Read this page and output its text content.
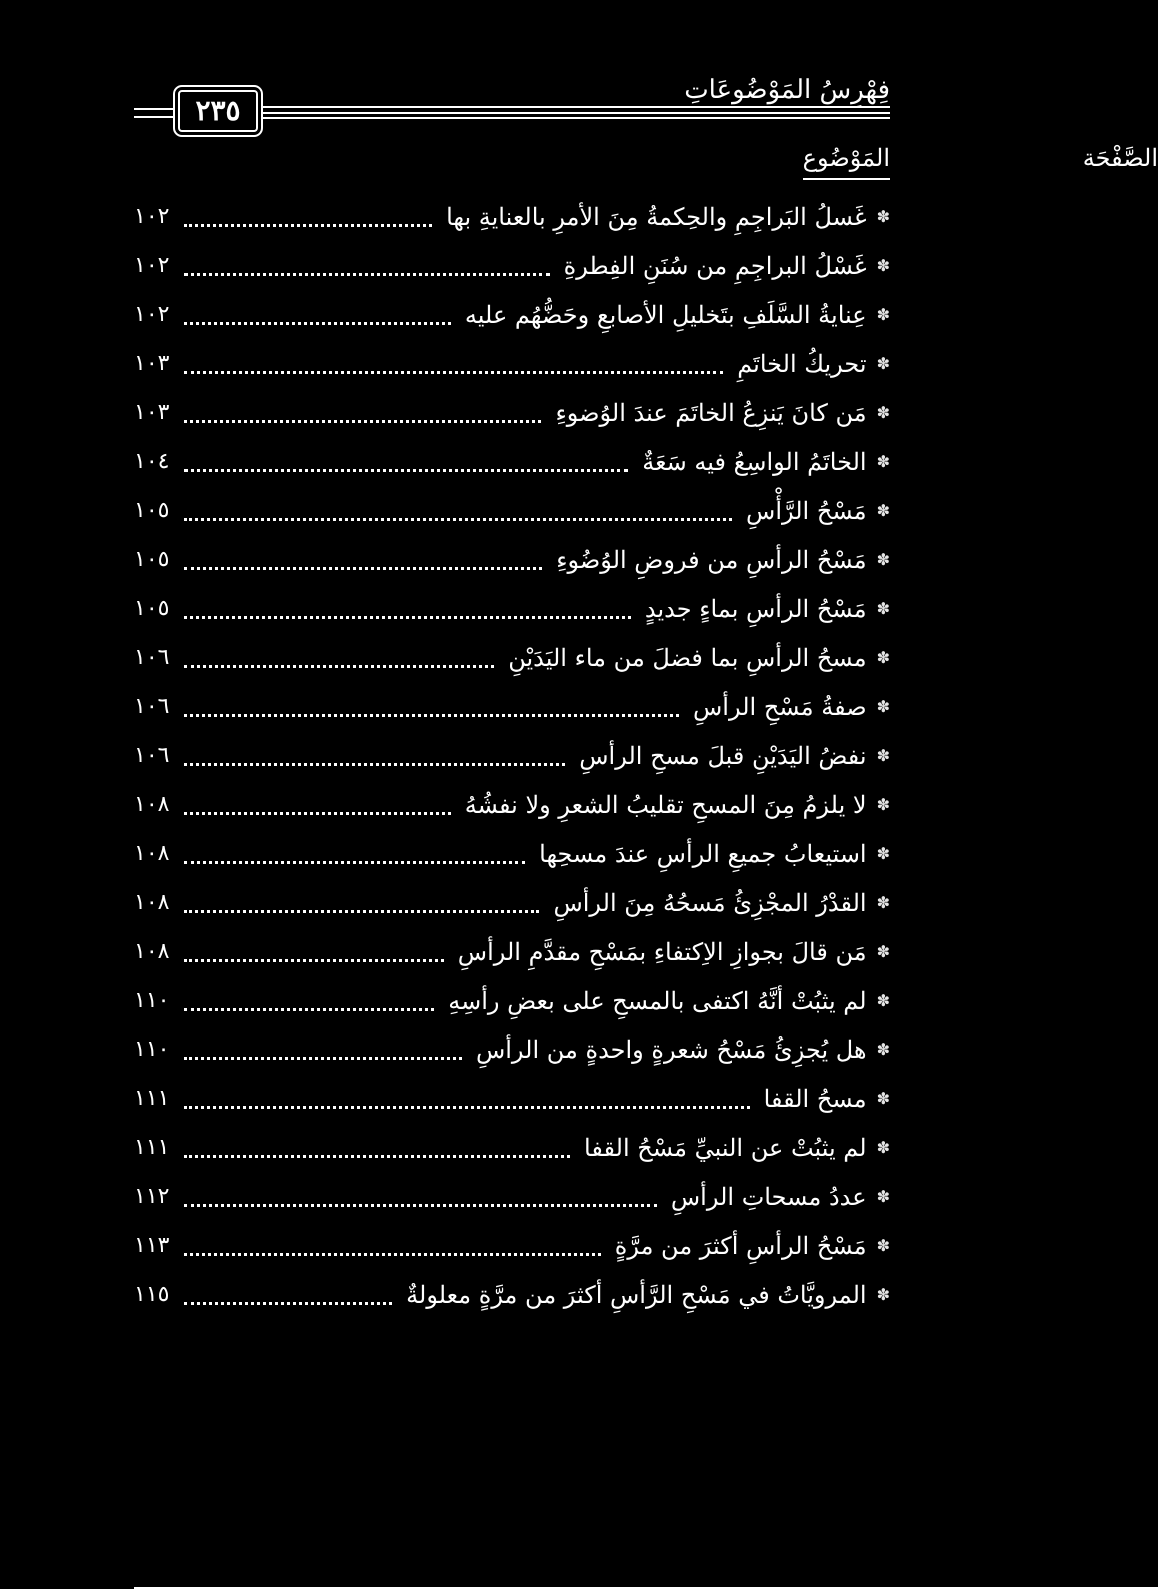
فِهْرِسُ المَوْضُوعَاتِ
٢٣٥
المَوْضُوع	الصَّفْحَة
✽
غَسلُ البَراجِمِ والحِكمةُ مِنَ الأمرِ بالعنايةِ بها
١٠٢
✽
غَسْلُ البراجِمِ من سُنَنِ الفِطرةِ
١٠٢
✽
عِنايةُ السَّلَفِ بتَخليلِ الأصابعِ وحَضُّهُم عليه
١٠٢
✽
تحريكُ الخاتَمِ
١٠٣
✽
مَن كانَ يَنزِعُ الخاتَمَ عندَ الوُضوءِ
١٠٣
✽
الخاتَمُ الواسِعُ فيه سَعَةٌ
١٠٤
✽
مَسْحُ الرَّأْسِ
١٠٥
✽
مَسْحُ الرأسِ من فروضِ الوُضُوءِ
١٠٥
✽
مَسْحُ الرأسِ بماءٍ جديدٍ
١٠٥
✽
مسحُ الرأسِ بما فضلَ من ماء اليَدَيْنِ
١٠٦
✽
صفةُ مَسْحِ الرأسِ
١٠٦
✽
نفضُ اليَدَيْنِ قبلَ مسحِ الرأسِ
١٠٦
✽
لا يلزمُ مِنَ المسحِ تقليبُ الشعرِ ولا نفشُهُ
١٠٨
✽
استيعابُ جميعِ الرأسِ عندَ مسحِها
١٠٨
✽
القدْرُ المجْزِئُ مَسحُهُ مِنَ الرأسِ
١٠٨
✽
مَن قالَ بجوازِ الاِكتفاءِ بمَسْحِ مقدَّمِ الرأسِ
١٠٨
✽
لم يثبُتْ أنَّهُ اكتفى بالمسحِ على بعضِ رأسِهِ
١١٠
✽
هل يُجزِئُ مَسْحُ شعرةٍ واحدةٍ من الرأسِ
١١٠
✽
مسحُ القفا
١١١
✽
لم يثبُتْ عن النبيِّ مَسْحُ القفا
١١١
✽
عددُ مسحاتِ الرأسِ
١١٢
✽
مَسْحُ الرأسِ أكثرَ من مرَّةٍ
١١٣
✽
المرويَّاتُ في مَسْحِ الرَّأسِ أكثرَ من مرَّةٍ معلولةٌ
١١٥
